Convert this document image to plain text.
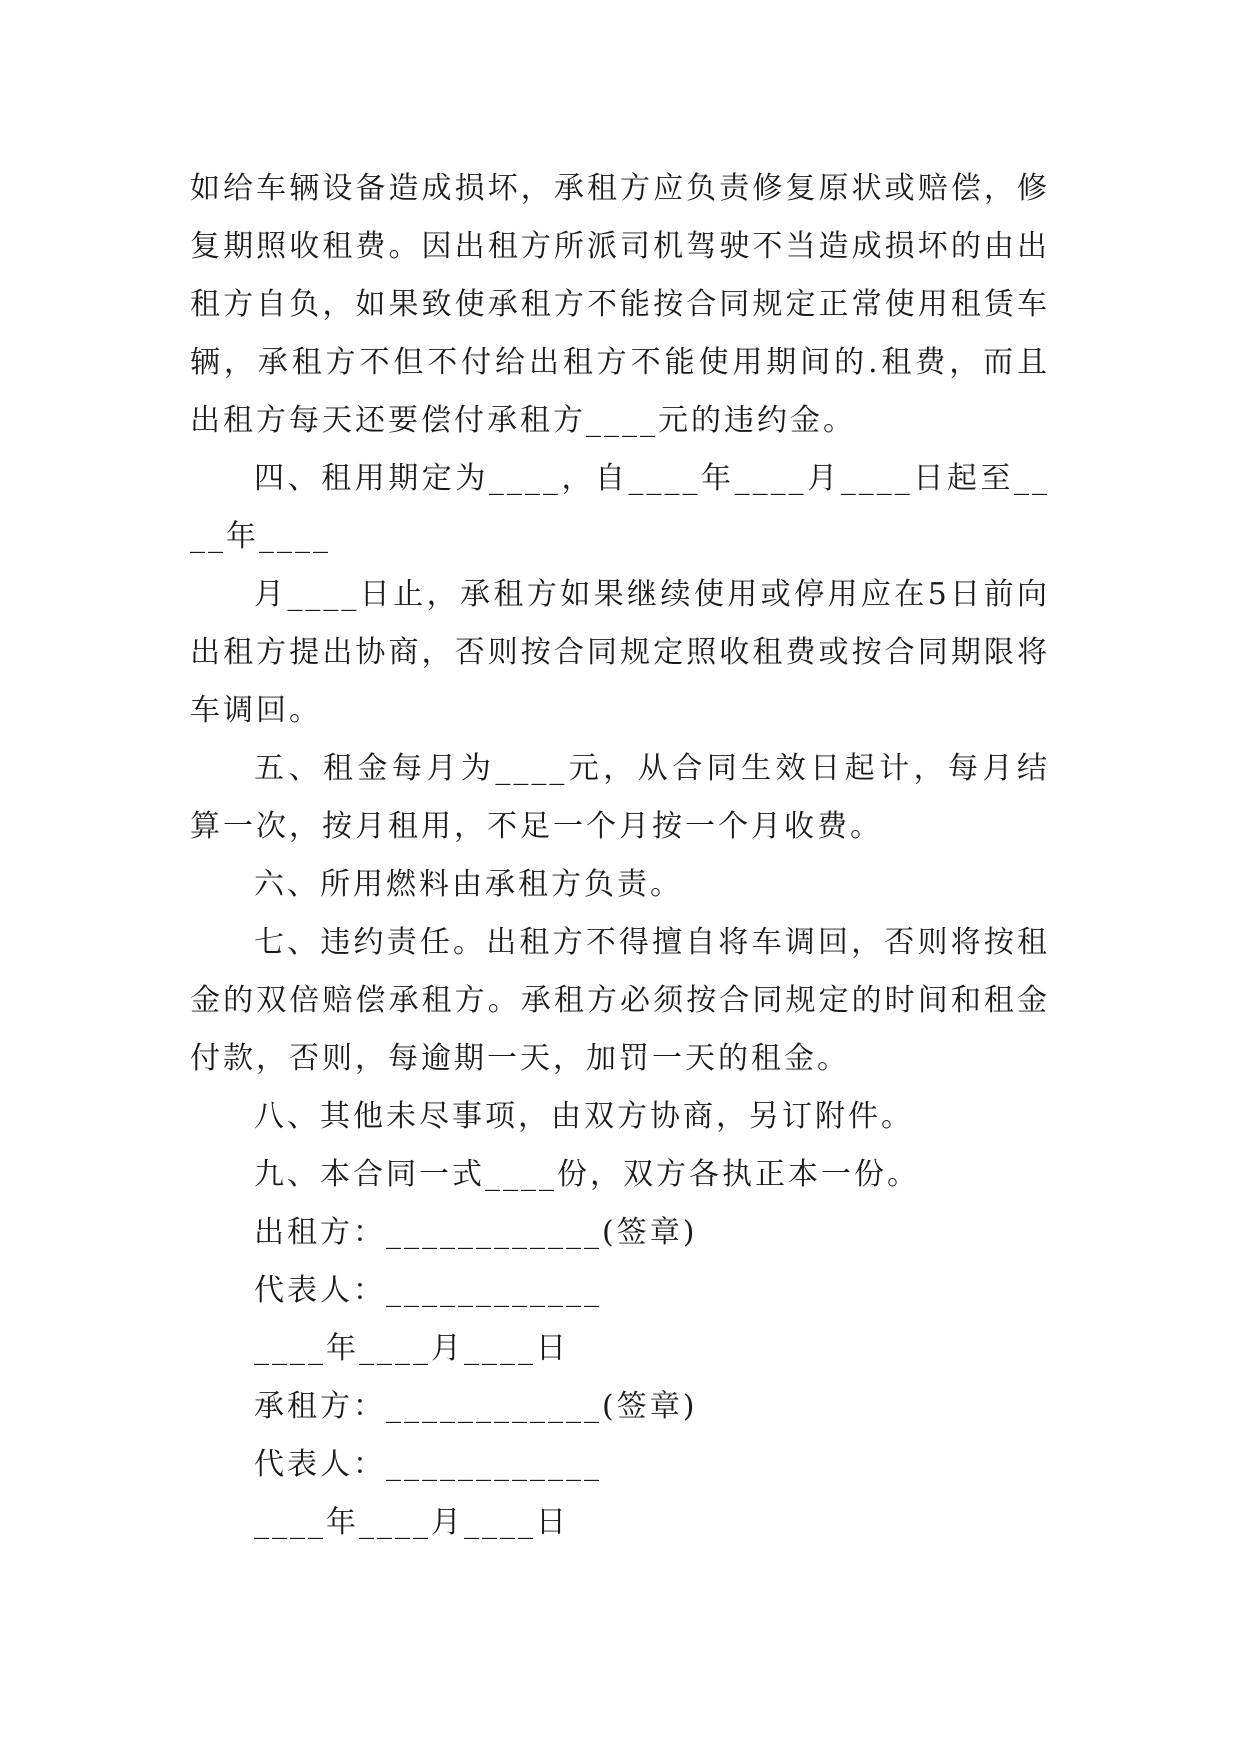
如给车辆设备造成损坏，承租方应负责修复原状或赔偿，修复期照收租费。因出租方所派司机驾驶不当造成损坏的由出租方自负，如果致使承租方不能按合同规定正常使用租赁车辆，承租方不但不付给出租方不能使用期间的.租费，而且出租方每天还要偿付承租方____元的违约金。

四、租用期定为____，自____年____月____日起至____年____

月____日止，承租方如果继续使用或停用应在5日前向出租方提出协商，否则按合同规定照收租费或按合同期限将车调回。

五、租金每月为____元，从合同生效日起计，每月结算一次，按月租用，不足一个月按一个月收费。

六、所用燃料由承租方负责。

七、违约责任。出租方不得擅自将车调回，否则将按租金的双倍赔偿承租方。承租方必须按合同规定的时间和租金付款，否则，每逾期一天，加罚一天的租金。

八、其他未尽事项，由双方协商，另订附件。

九、本合同一式____份，双方各执正本一份。

出租方：____________(签章)

代表人：____________

____年____月____日

承租方：____________(签章)

代表人：____________

____年____月____日
